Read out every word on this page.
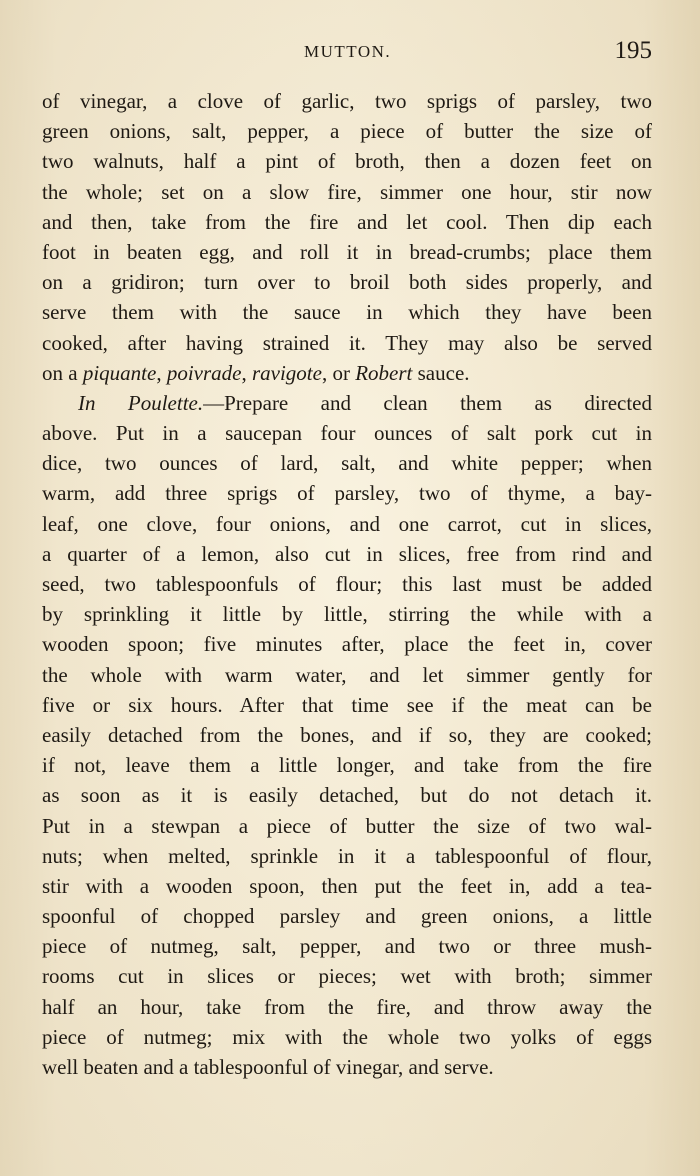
MUTTON.	195
of vinegar, a clove of garlic, two sprigs of parsley, two
green onions, salt, pepper, a piece of butter the size of
two walnuts, half a pint of broth, then a dozen feet on
the whole; set on a slow fire, simmer one hour, stir now
and then, take from the fire and let cool. Then dip each
foot in beaten egg, and roll it in bread-crumbs; place them
on a gridiron; turn over to broil both sides properly, and
serve them with the sauce in which they have been
cooked, after having strained it. They may also be served
on a piquante, poivrade, ravigote, or Robert sauce.
In Poulette.—Prepare and clean them as directed
above. Put in a saucepan four ounces of salt pork cut in
dice, two ounces of lard, salt, and white pepper; when
warm, add three sprigs of parsley, two of thyme, a bay-
leaf, one clove, four onions, and one carrot, cut in slices,
a quarter of a lemon, also cut in slices, free from rind and
seed, two tablespoonfuls of flour; this last must be added
by sprinkling it little by little, stirring the while with a
wooden spoon; five minutes after, place the feet in, cover
the whole with warm water, and let simmer gently for
five or six hours. After that time see if the meat can be
easily detached from the bones, and if so, they are cooked;
if not, leave them a little longer, and take from the fire
as soon as it is easily detached, but do not detach it.
Put in a stewpan a piece of butter the size of two wal-
nuts; when melted, sprinkle in it a tablespoonful of flour,
stir with a wooden spoon, then put the feet in, add a tea-
spoonful of chopped parsley and green onions, a little
piece of nutmeg, salt, pepper, and two or three mush-
rooms cut in slices or pieces; wet with broth; simmer
half an hour, take from the fire, and throw away the
piece of nutmeg; mix with the whole two yolks of eggs
well beaten and a tablespoonful of vinegar, and serve.
